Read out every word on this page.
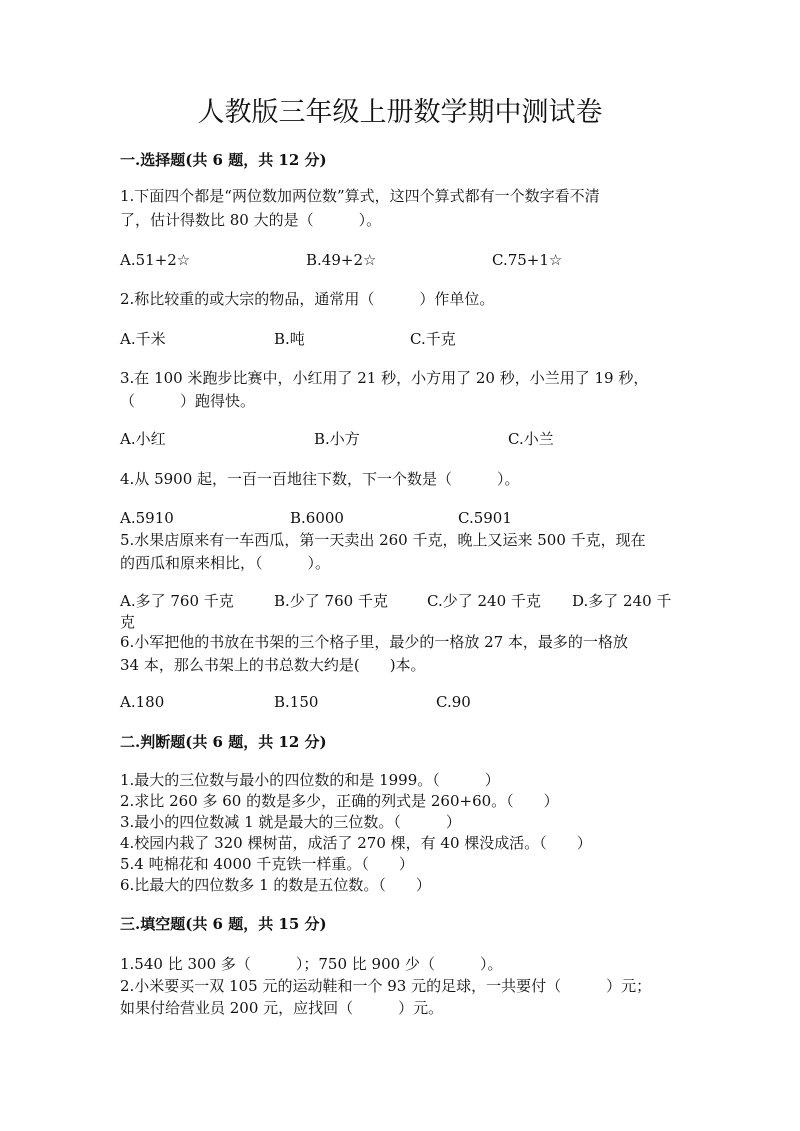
人教版三年级上册数学期中测试卷
一.选择题(共 6 题，共 12 分)
1.下面四个都是“两位数加两位数”算式，这四个算式都有一个数字看不清
了，估计得数比 80 大的是（　　　）。
A.51+2☆	B.49+2☆	C.75+1☆
2.称比较重的或大宗的物品，通常用（　　　）作单位。
A.千米	B.吨	C.千克
3.在 100 米跑步比赛中，小红用了 21 秒，小方用了 20 秒，小兰用了 19 秒，
（　　　）跑得快。
A.小红	B.小方	C.小兰
4.从 5900 起，一百一百地往下数，下一个数是（　　　）。
A.5910	B.6000	C.5901
5.水果店原来有一车西瓜，第一天卖出 260 千克，晚上又运来 500 千克，现在
的西瓜和原来相比，（　　　）。
A.多了 760 千克	B.少了 760 千克	C.少了 240 千克 D.多了 240 千
克
6.小军把他的书放在书架的三个格子里，最少的一格放 27 本，最多的一格放
34 本，那么书架上的书总数大约是(　　)本。
A.180	B.150	C.90
二.判断题(共 6 题，共 12 分)
1.最大的三位数与最小的四位数的和是 1999。（　　　）
2.求比 260 多 60 的数是多少，正确的列式是 260+60。（　　）
3.最小的四位数减 1 就是最大的三位数。（　　　）
4.校园内栽了 320 棵树苗，成活了 270 棵，有 40 棵没成活。（　　）
5.4 吨棉花和 4000 千克铁一样重。（　　）
6.比最大的四位数多 1 的数是五位数。（　　）
三.填空题(共 6 题，共 15 分)
1.540 比 300 多（　　　）；750 比 900 少（　　　）。
2.小米要买一双 105 元的运动鞋和一个 93 元的足球，一共要付（　　　）元；
如果付给营业员 200 元，应找回（　　　）元。
